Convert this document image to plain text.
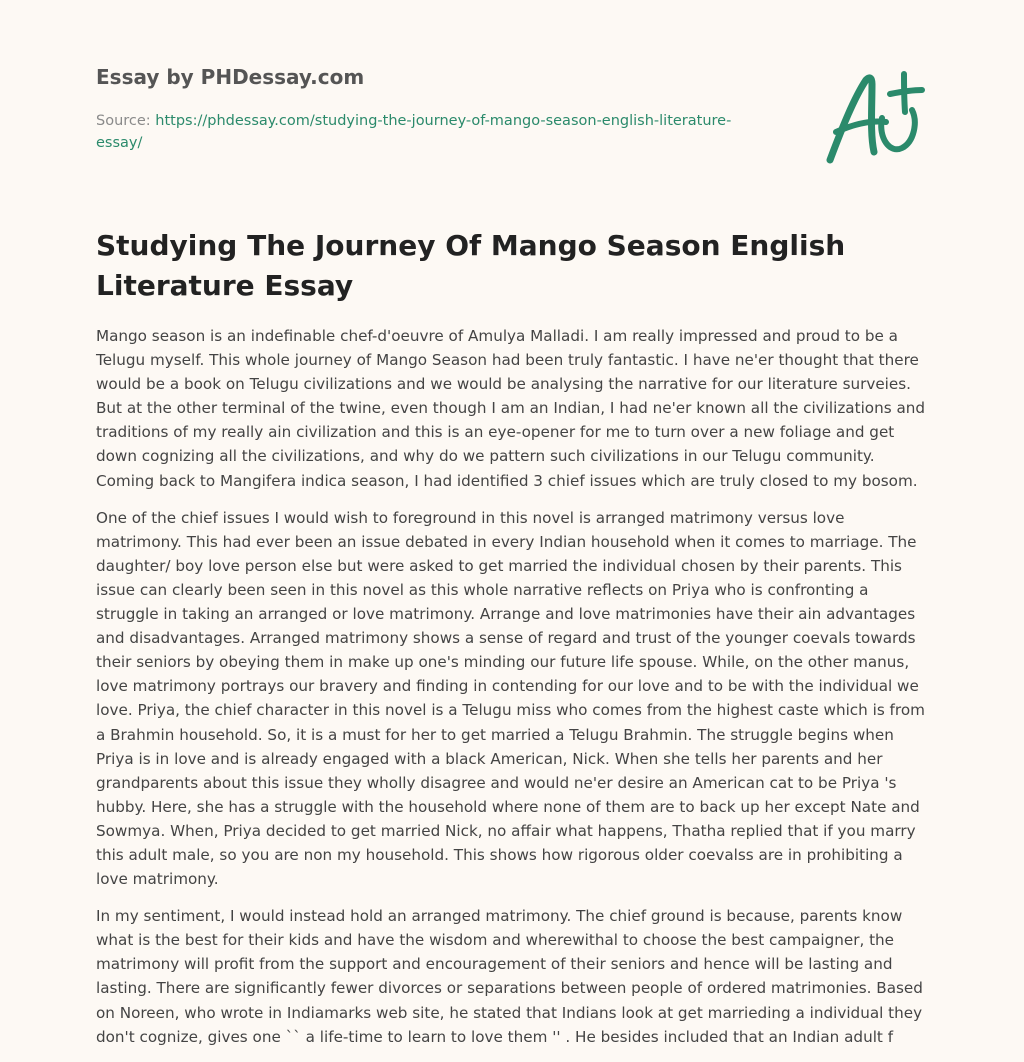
Essay by PHDessay.com
Source: https://phdessay.com/studying-the-journey-of-mango-season-english-literature-essay/
Studying The Journey Of Mango Season English Literature Essay

Mango season is an indefinable chef-d'oeuvre of Amulya Malladi. I am really impressed and proud to be a Telugu myself. This whole journey of Mango Season had been truly fantastic. I have ne'er thought that there would be a book on Telugu civilizations and we would be analysing the narrative for our literature surveies. But at the other terminal of the twine, even though I am an Indian, I had ne'er known all the civilizations and traditions of my really ain civilization and this is an eye-opener for me to turn over a new foliage and get down cognizing all the civilizations, and why do we pattern such civilizations in our Telugu community. Coming back to Mangifera indica season, I had identified 3 chief issues which are truly closed to my bosom.

One of the chief issues I would wish to foreground in this novel is arranged matrimony versus love matrimony. This had ever been an issue debated in every Indian household when it comes to marriage. The daughter/ boy love person else but were asked to get married the individual chosen by their parents. This issue can clearly been seen in this novel as this whole narrative reflects on Priya who is confronting a struggle in taking an arranged or love matrimony. Arrange and love matrimonies have their ain advantages and disadvantages. Arranged matrimony shows a sense of regard and trust of the younger coevals towards their seniors by obeying them in make up one's minding our future life spouse. While, on the other manus, love matrimony portrays our bravery and finding in contending for our love and to be with the individual we love. Priya, the chief character in this novel is a Telugu miss who comes from the highest caste which is from a Brahmin household. So, it is a must for her to get married a Telugu Brahmin. The struggle begins when Priya is in love and is already engaged with a black American, Nick. When she tells her parents and her grandparents about this issue they wholly disagree and would ne'er desire an American cat to be Priya 's hubby. Here, she has a struggle with the household where none of them are to back up her except Nate and Sowmya. When, Priya decided to get married Nick, no affair what happens, Thatha replied that if you marry this adult male, so you are non my household. This shows how rigorous older coevalss are in prohibiting a love matrimony.

In my sentiment, I would instead hold an arranged matrimony. The chief ground is because, parents know what is the best for their kids and have the wisdom and wherewithal to choose the best campaigner, the matrimony will profit from the support and encouragement of their seniors and hence will be lasting and lasting. There are significantly fewer divorces or separations between people of ordered matrimonies. Based on Noreen, who wrote in Indiamarks web site, he stated that Indians look at get marrieding a individual they don't cognize, gives one `` a life-time to learn to love them '' . He besides included that an Indian adult f
